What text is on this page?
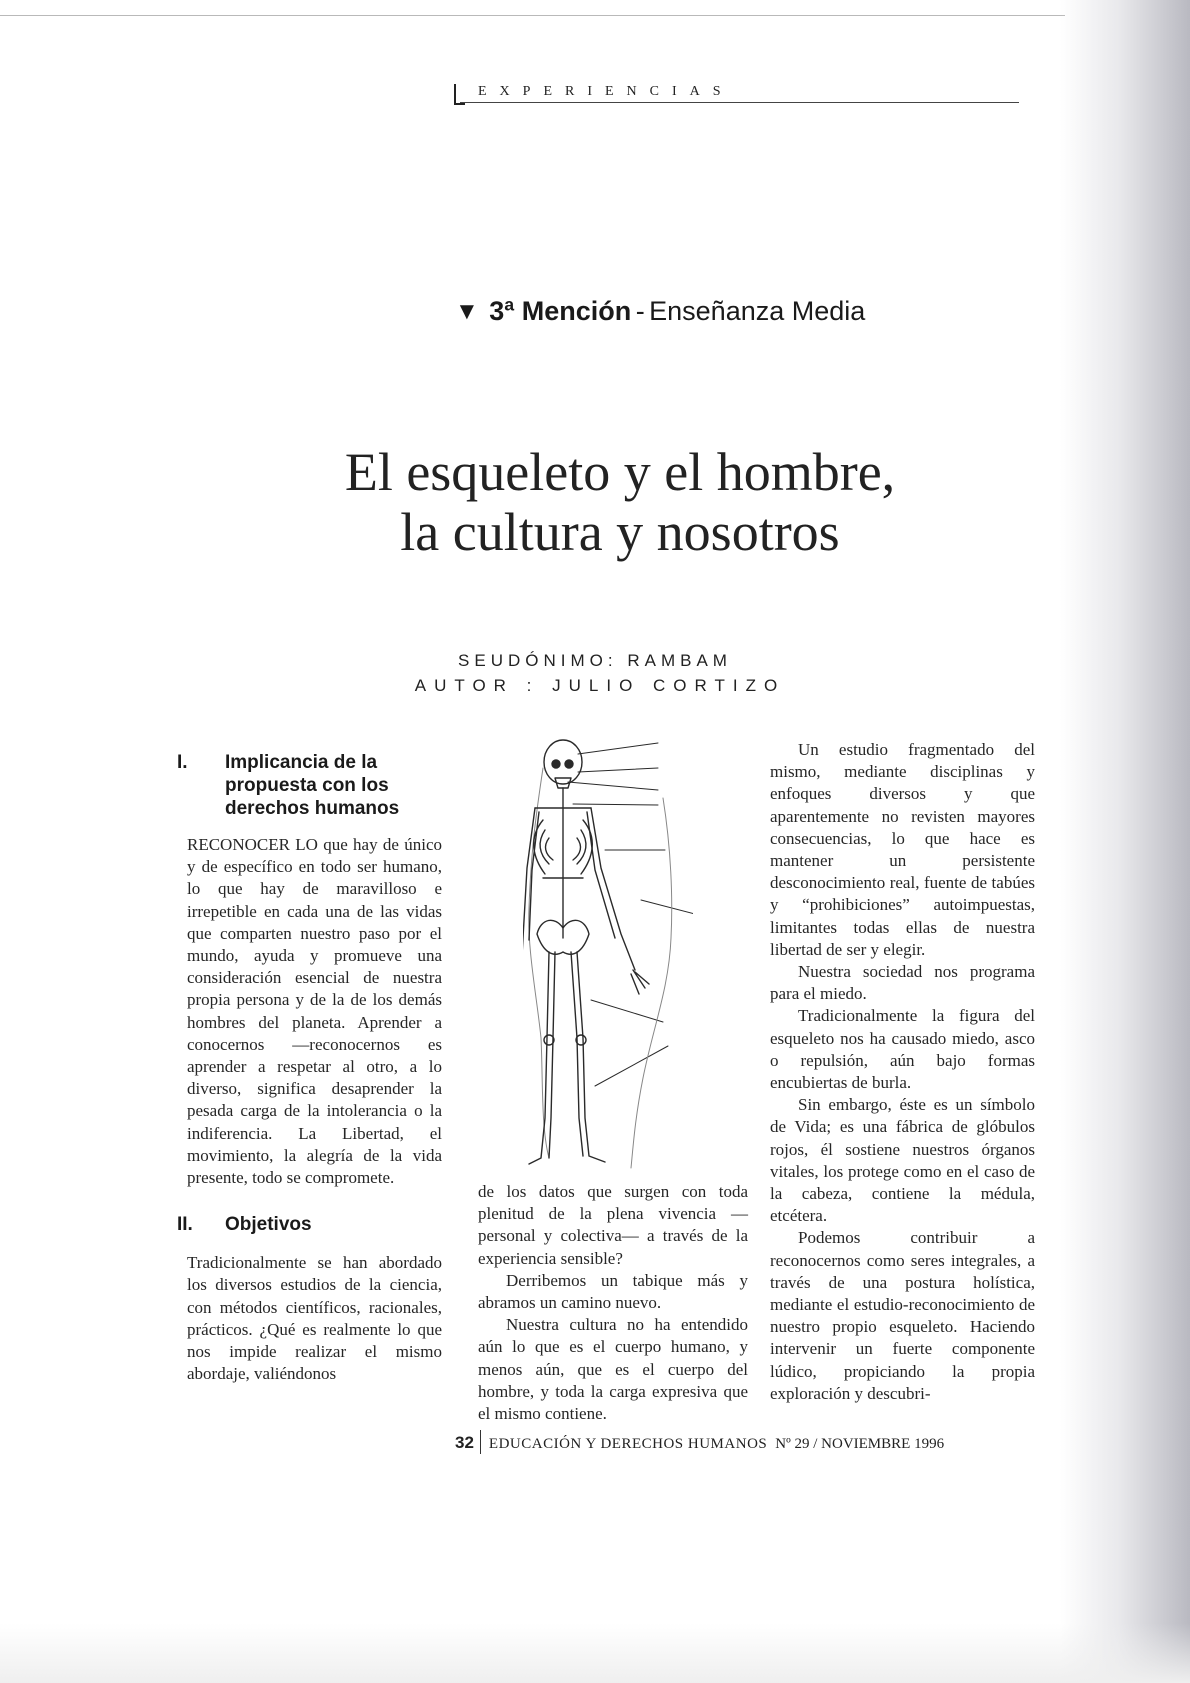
EXPERIENCIAS
▼ 3ª Mención - Enseñanza Media
El esqueleto y el hombre,
la cultura y nosotros
SEUDÓNIMO: RAMBAM
AUTOR : JULIO CORTIZO
I. Implicancia de la propuesta con los derechos humanos

RECONOCER LO que hay de único y de específico en todo ser humano, lo que hay de maravilloso e irrepetible en cada una de las vidas que comparten nuestro paso por el mundo, ayuda y promueve una consideración esencial de nuestra propia persona y de la de los demás hombres del planeta. Aprender a conocernos —reconocernos es aprender a respetar al otro, a lo diverso, significa desaprender la pesada carga de la intolerancia o la indiferencia. La Libertad, el movimiento, la alegría de la vida presente, todo se compromete.

II. Objetivos

Tradicionalmente se han abordado los diversos estudios de la ciencia, con métodos científicos, racionales, prácticos. ¿Qué es realmente lo que nos impide realizar el mismo abordaje, valiéndonos

de los datos que surgen con toda plenitud de la plena vivencia —personal y colectiva— a través de la experiencia sensible?

Derribemos un tabique más y abramos un camino nuevo.

Nuestra cultura no ha entendido aún lo que es el cuerpo humano, y menos aún, que es el cuerpo del hombre, y toda la carga expresiva que el mismo contiene.

Un estudio fragmentado del mismo, mediante disciplinas y enfoques diversos y que aparentemente no revisten mayores consecuencias, lo que hace es mantener un persistente desconocimiento real, fuente de tabúes y “prohibiciones” autoimpuestas, limitantes todas ellas de nuestra libertad de ser y elegir.

Nuestra sociedad nos programa para el miedo.

Tradicionalmente la figura del esqueleto nos ha causado miedo, asco o repulsión, aún bajo formas encubiertas de burla.

Sin embargo, éste es un símbolo de Vida; es una fábrica de glóbulos rojos, él sostiene nuestros órganos vitales, los protege como en el caso de la cabeza, contiene la médula, etcétera.

Podemos contribuir a reconocernos como seres integrales, a través de una postura holística, mediante el estudio-reconocimiento de nuestro propio esqueleto. Haciendo intervenir un fuerte componente lúdico, propiciando la propia exploración y descubri-

32 EDUCACIÓN Y DERECHOS HUMANOS Nº 29 / NOVIEMBRE 1996
